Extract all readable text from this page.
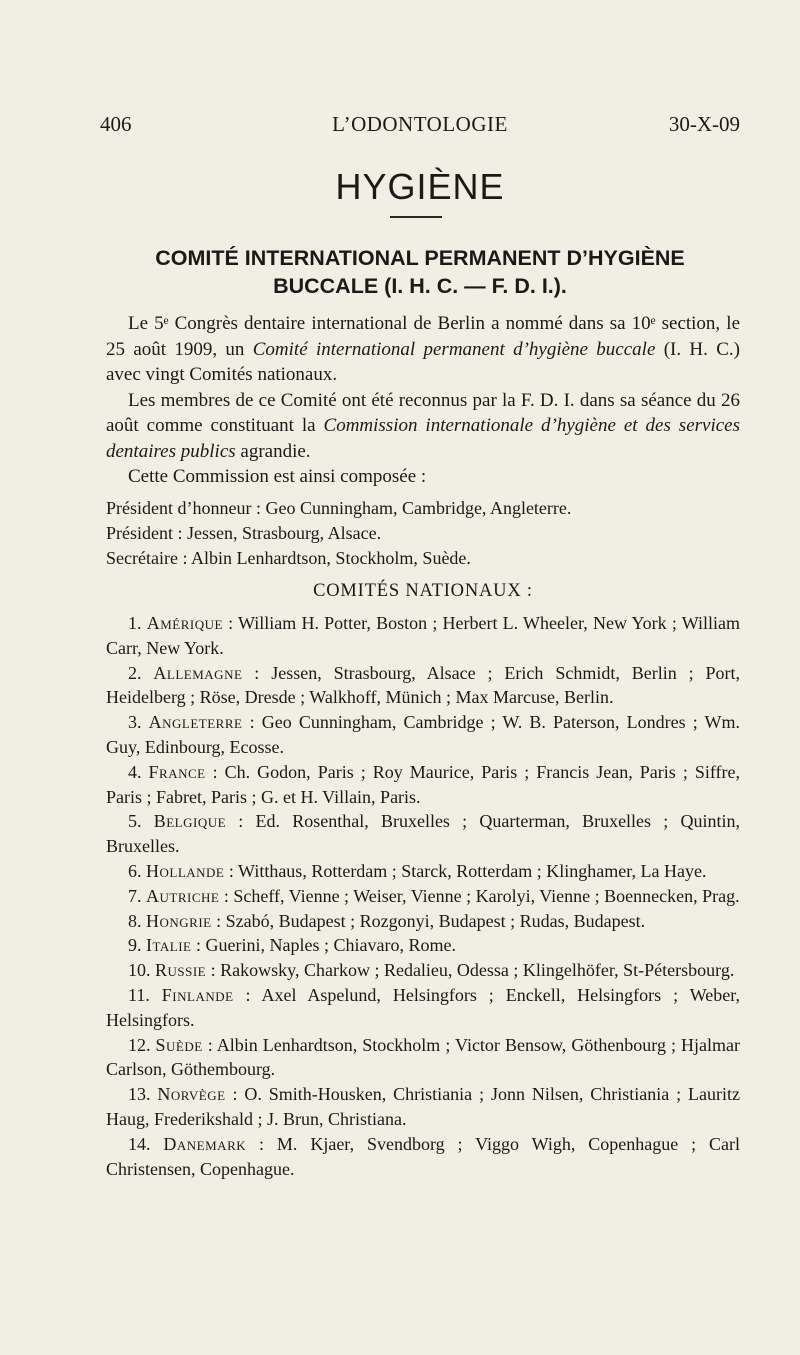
406	L’ODONTOLOGIE	30-X-09
HYGIÈNE
COMITÉ INTERNATIONAL PERMANENT D’HYGIÈNE
BUCCALE (I. H. C. — F. D. I.).

Le 5ᵉ Congrès dentaire international de Berlin a nommé dans sa 10ᵉ section, le 25 août 1909, un Comité international permanent d’hygiène buccale (I. H. C.) avec vingt Comités nationaux.

Les membres de ce Comité ont été reconnus par la F. D. I. dans sa séance du 26 août comme constituant la Commission internationale d’hygiène et des services dentaires publics agrandie.

Cette Commission est ainsi composée :

Président d’honneur : Geo Cunningham, Cambridge, Angleterre.
Président : Jessen, Strasbourg, Alsace.
Secrétaire : Albin Lenhardtson, Stockholm, Suède.

COMITÉS NATIONAUX :

1. Amérique : William H. Potter, Boston ; Herbert L. Wheeler, New York ; William Carr, New York.

2. Allemagne : Jessen, Strasbourg, Alsace ; Erich Schmidt, Berlin ; Port, Heidelberg ; Röse, Dresde ; Walkhoff, Münich ; Max Marcuse, Berlin.

3. Angleterre : Geo Cunningham, Cambridge ; W. B. Paterson, Londres ; Wm. Guy, Edinbourg, Ecosse.

4. France : Ch. Godon, Paris ; Roy Maurice, Paris ; Francis Jean, Paris ; Siffre, Paris ; Fabret, Paris ; G. et H. Villain, Paris.

5. Belgique : Ed. Rosenthal, Bruxelles ; Quarterman, Bruxelles ; Quintin, Bruxelles.

6. Hollande : Witthaus, Rotterdam ; Starck, Rotterdam ; Klinghamer, La Haye.

7. Autriche : Scheff, Vienne ; Weiser, Vienne ; Karolyi, Vienne ; Boennecken, Prag.

8. Hongrie : Szabó, Budapest ; Rozgonyi, Budapest ; Rudas, Budapest.

9. Italie : Guerini, Naples ; Chiavaro, Rome.

10. Russie : Rakowsky, Charkow ; Redalieu, Odessa ; Klingelhöfer, St-Pétersbourg.

11. Finlande : Axel Aspelund, Helsingfors ; Enckell, Helsingfors ; Weber, Helsingfors.

12. Suède : Albin Lenhardtson, Stockholm ; Victor Bensow, Göthenbourg ; Hjalmar Carlson, Göthembourg.

13. Norvège : O. Smith-Housken, Christiania ; Jonn Nilsen, Christiania ; Lauritz Haug, Frederikshald ; J. Brun, Christiana.

14. Danemark : M. Kjaer, Svendborg ; Viggo Wigh, Copenhague ; Carl Christensen, Copenhague.
